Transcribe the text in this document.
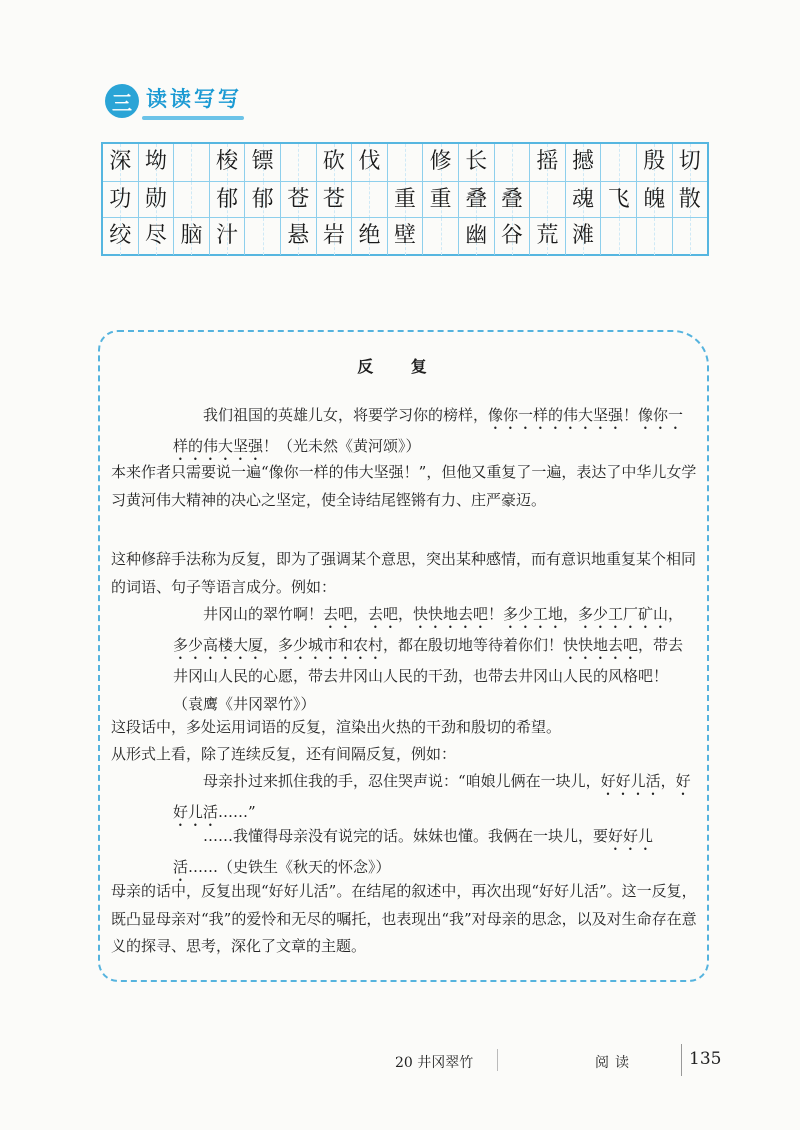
三 读读写写
深 坳	梭 镖	砍 伐	修 长	摇 撼	殷 切
功 勋	郁 郁 苍 苍	重 重 叠 叠	魂 飞 魄 散
绞 尽 脑 汁	悬 岩 绝 壁	幽 谷 荒 滩
反 复

我们祖国的英雄儿女，将要学习你的榜样，像你一样的伟大坚强！像你一样的伟大坚强！（光未然《黄河颂》）

本来作者只需要说一遍“像你一样的伟大坚强！”，但他又重复了一遍，表达了中华儿女学习黄河伟大精神的决心之坚定，使全诗结尾铿锵有力、庄严豪迈。

这种修辞手法称为反复，即为了强调某个意思，突出某种感情，而有意识地重复某个相同的词语、句子等语言成分。例如：

井冈山的翠竹啊！去吧，去吧，快快地去吧！多少工地，多少工厂矿山，多少高楼大厦，多少城市和农村，都在殷切地等待着你们！快快地去吧，带去井冈山人民的心愿，带去井冈山人民的干劲，也带去井冈山人民的风格吧！（袁鹰《井冈翠竹》）

这段话中，多处运用词语的反复，渲染出火热的干劲和殷切的希望。

从形式上看，除了连续反复，还有间隔反复，例如：

母亲扑过来抓住我的手，忍住哭声说：“咱娘儿俩在一块儿，好好儿活，好好儿活……”

……我懂得母亲没有说完的话。妹妹也懂。我俩在一块儿，要好好儿活……（史铁生《秋天的怀念》）

母亲的话中，反复出现“好好儿活”。在结尾的叙述中，再次出现“好好儿活”。这一反复，既凸显母亲对“我”的爱怜和无尽的嘱托，也表现出“我”对母亲的思念，以及对生命存在意义的探寻、思考，深化了文章的主题。

20 井冈翠竹	阅读	135
